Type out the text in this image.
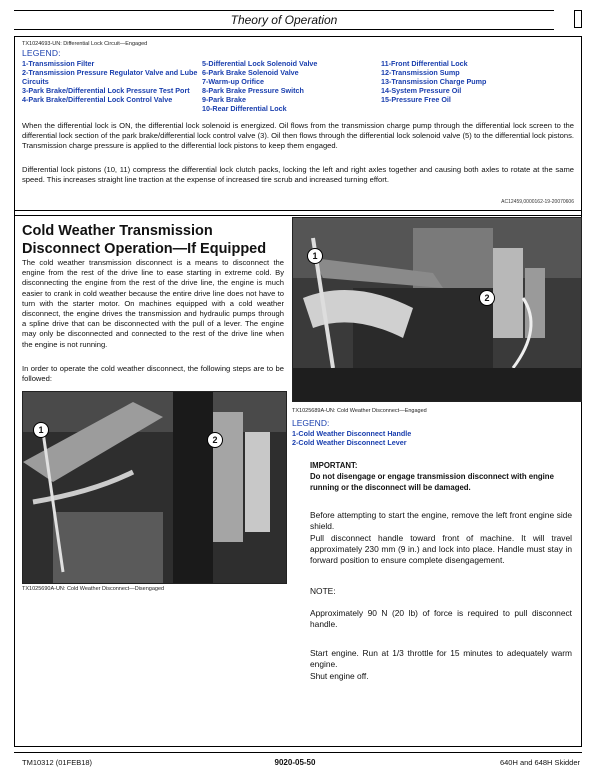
Theory of Operation
TX1024693-UN: Differential Lock Circuit—Engaged
LEGEND:
1-Transmission Filter
2-Transmission Pressure Regulator Valve and Lube Circuits
3-Park Brake/Differential Lock Pressure Test Port
4-Park Brake/Differential Lock Control Valve
5-Differential Lock Solenoid Valve
6-Park Brake Solenoid Valve
7-Warm-up Orifice
8-Park Brake Pressure Switch
9-Park Brake
10-Rear Differential Lock
11-Front Differential Lock
12-Transmission Sump
13-Transmission Charge Pump
14-System Pressure Oil
15-Pressure Free Oil
When the differential lock is ON, the differential lock solenoid is energized. Oil flows from the transmission charge pump through the differential lock screen to the differential lock section of the park brake/differential lock control valve (3). Oil then flows through the differential lock solenoid valve (5) to the differential lock pistons. Transmission charge pressure is applied to the differential lock pistons to keep them engaged.
Differential lock pistons (10, 11) compress the differential lock clutch packs, locking the left and right axles together and causing both axles to rotate at the same speed. This increases straight line traction at the expense of increased tire scrub and increased turning effort.
AC12459,0000162-19-20070606
Cold Weather Transmission Disconnect Operation—If Equipped
The cold weather transmission disconnect is a means to disconnect the engine from the rest of the drive line to ease starting in extreme cold. By disconnecting the engine from the rest of the drive line, the engine is much easier to crank in cold weather because the entire drive line does not have to turn with the starter motor. On machines equipped with a cold weather disconnect, the engine drives the transmission and hydraulic pumps through a spline drive that can be disconnected with the pull of a lever. The engine may only be disconnected and connected to the rest of the drive line when the engine is not running.
In order to operate the cold weather disconnect, the following steps are to be followed:
1
2
TX1025689A-UN: Cold Weather Disconnect—Engaged
LEGEND:
1-Cold Weather Disconnect Handle
2-Cold Weather Disconnect Lever
1
2
TX1025690A-UN: Cold Weather Disconnect—Disengaged
IMPORTANT:
Do not disengage or engage transmission disconnect with engine running or the disconnect will be damaged.
Before attempting to start the engine, remove the left front engine side shield.
Pull disconnect handle toward front of machine. It will travel approximately 230 mm (9 in.) and lock into place. Handle must stay in forward position to ensure complete disengagement.
NOTE:
Approximately 90 N (20 lb) of force is required to pull disconnect handle.
Start engine. Run at 1/3 throttle for 15 minutes to adequately warm engine.
Shut engine off.
TM10312 (01FEB18)	9020-05-50	640H and 648H Skidder
